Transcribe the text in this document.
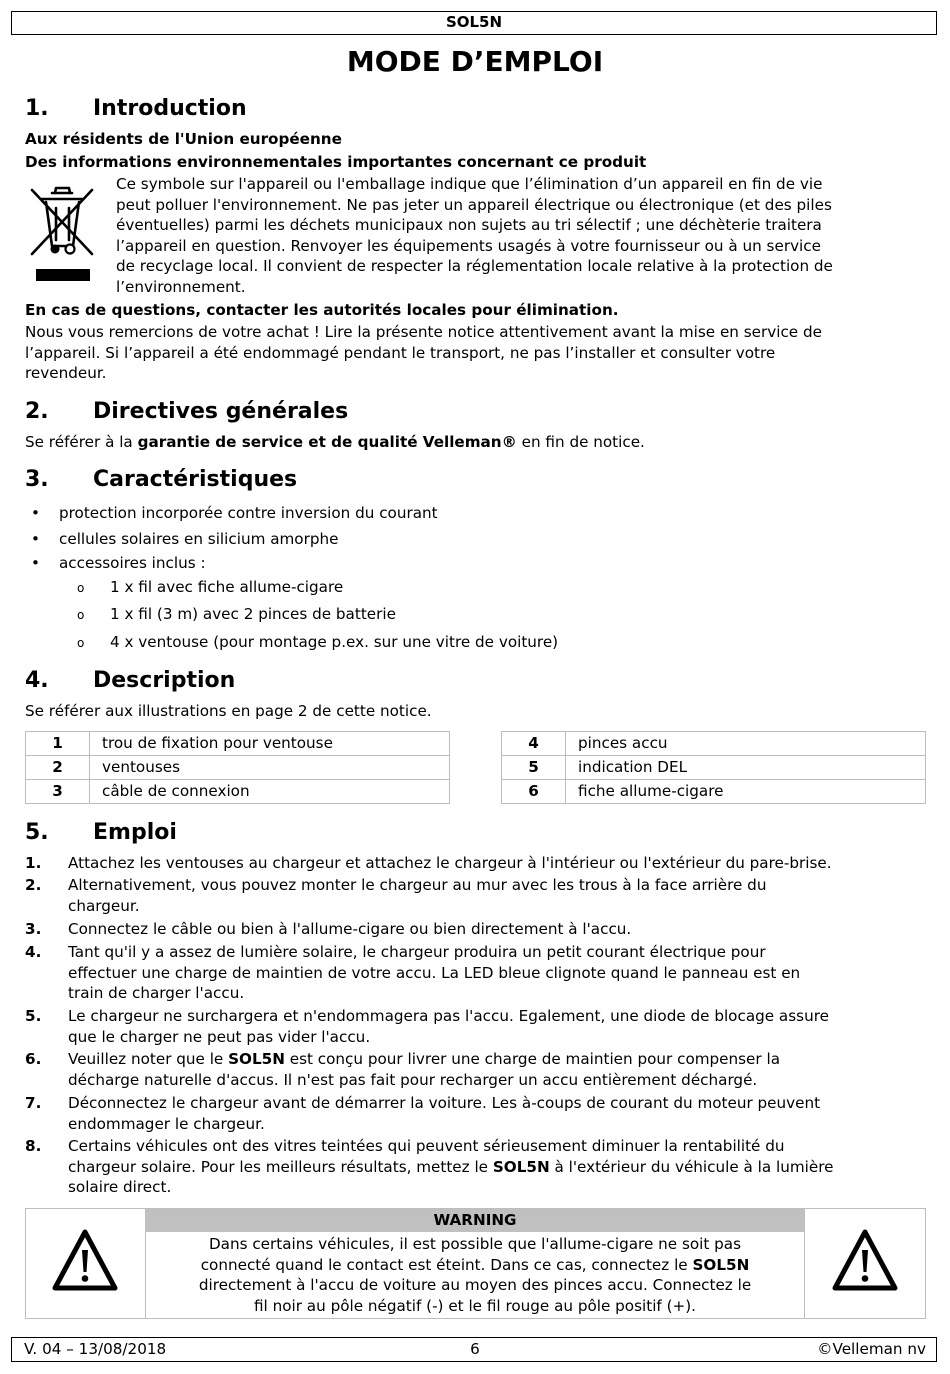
SOL5N
MODE D’EMPLOI
1. Introduction
Aux résidents de l'Union européenne
Des informations environnementales importantes concernant ce produit
Ce symbole sur l'appareil ou l'emballage indique que l’élimination d’un appareil en fin de vie
peut polluer l'environnement. Ne pas jeter un appareil électrique ou électronique (et des piles
éventuelles) parmi les déchets municipaux non sujets au tri sélectif ; une déchèterie traitera
l’appareil en question. Renvoyer les équipements usagés à votre fournisseur ou à un service
de recyclage local. Il convient de respecter la réglementation locale relative à la protection de
l’environnement.
En cas de questions, contacter les autorités locales pour élimination.
Nous vous remercions de votre achat ! Lire la présente notice attentivement avant la mise en service de
l’appareil. Si l’appareil a été endommagé pendant le transport, ne pas l’installer et consulter votre
revendeur.
2. Directives générales
Se référer à la garantie de service et de qualité Velleman® en fin de notice.
3. Caractéristiques
• protection incorporée contre inversion du courant
• cellules solaires en silicium amorphe
• accessoires inclus :
o 1 x fil avec fiche allume-cigare
o 1 x fil (3 m) avec 2 pinces de batterie
o 4 x ventouse (pour montage p.ex. sur une vitre de voiture)
4. Description
Se référer aux illustrations en page 2 de cette notice.
1	trou de fixation pour ventouse
2	ventouses
3	câble de connexion
4	pinces accu
5	indication DEL
6	fiche allume-cigare
5. Emploi
1. Attachez les ventouses au chargeur et attachez le chargeur à l'intérieur ou l'extérieur du pare-brise.
2. Alternativement, vous pouvez monter le chargeur au mur avec les trous à la face arrière du
chargeur.
3. Connectez le câble ou bien à l'allume-cigare ou bien directement à l'accu.
4. Tant qu'il y a assez de lumière solaire, le chargeur produira un petit courant électrique pour
effectuer une charge de maintien de votre accu. La LED bleue clignote quand le panneau est en
train de charger l'accu.
5. Le chargeur ne surchargera et n'endommagera pas l'accu. Egalement, une diode de blocage assure
que le charger ne peut pas vider l'accu.
6. Veuillez noter que le SOL5N est conçu pour livrer une charge de maintien pour compenser la
décharge naturelle d'accus. Il n'est pas fait pour recharger un accu entièrement déchargé.
7. Déconnectez le chargeur avant de démarrer la voiture. Les à-coups de courant du moteur peuvent
endommager le chargeur.
8. Certains véhicules ont des vitres teintées qui peuvent sérieusement diminuer la rentabilité du
chargeur solaire. Pour les meilleurs résultats, mettez le SOL5N à l'extérieur du véhicule à la lumière
solaire direct.
WARNING
Dans certains véhicules, il est possible que l'allume-cigare ne soit pas
connecté quand le contact est éteint. Dans ce cas, connectez le SOL5N
directement à l'accu de voiture au moyen des pinces accu. Connectez le
fil noir au pôle négatif (-) et le fil rouge au pôle positif (+).
V. 04 – 13/08/2018	6	©Velleman nv
